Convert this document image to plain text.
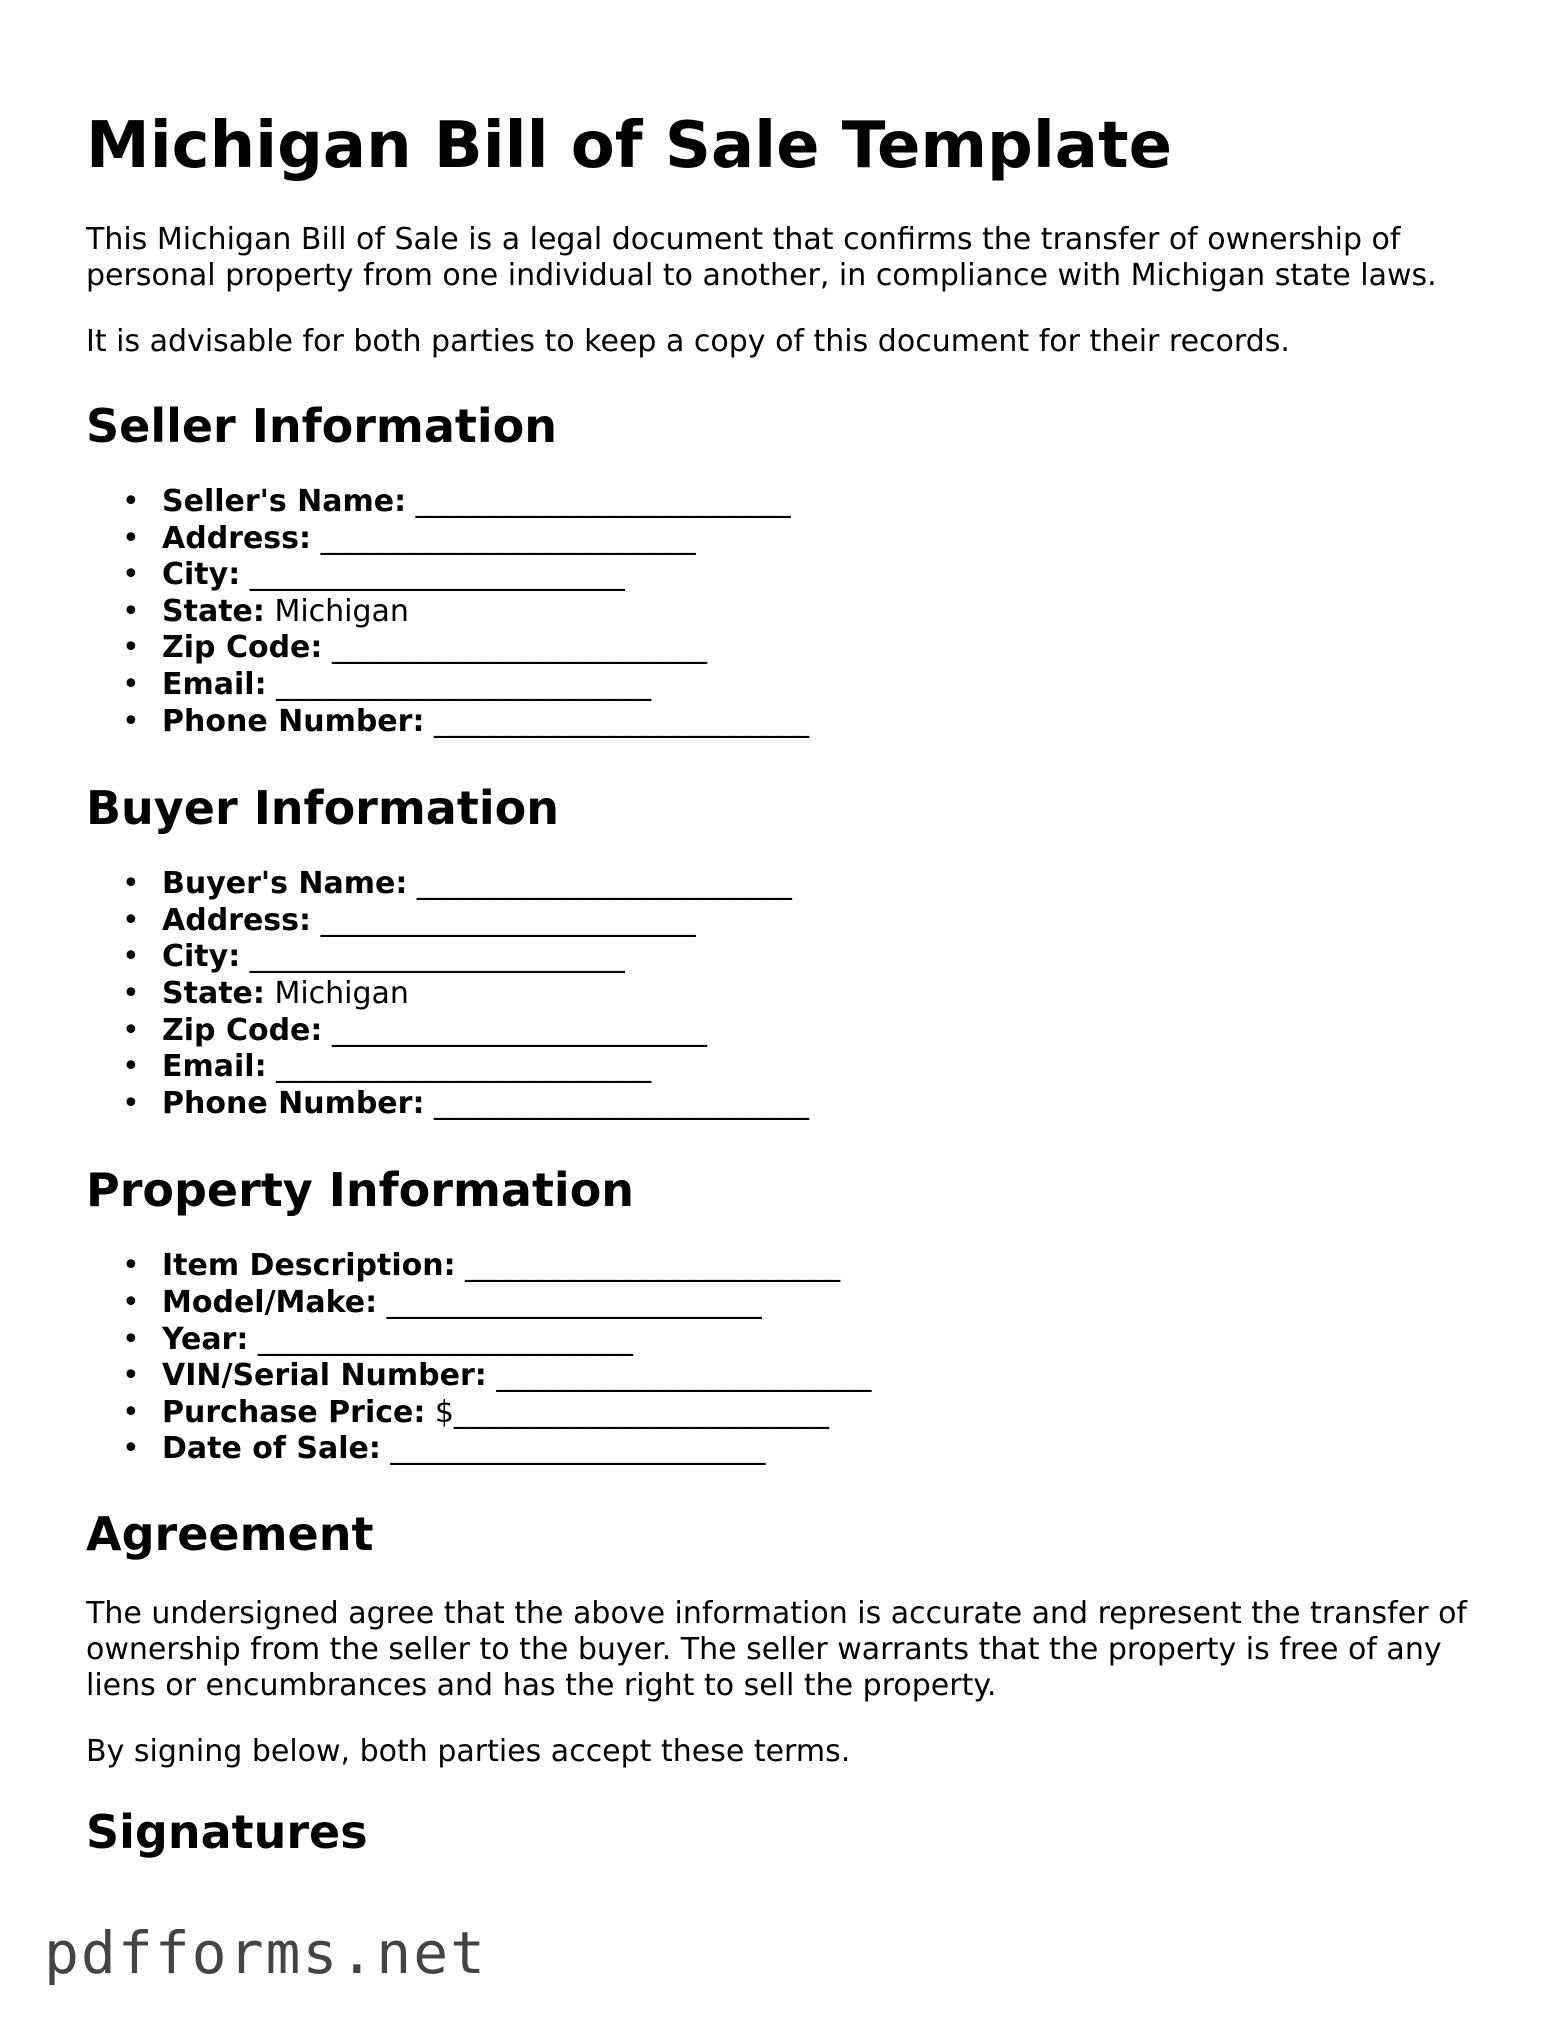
Michigan Bill of Sale Template

This Michigan Bill of Sale is a legal document that confirms the transfer of ownership of personal property from one individual to another, in compliance with Michigan state laws.

It is advisable for both parties to keep a copy of this document for their records.

Seller Information
• Seller's Name: _________________________
• Address: _________________________
• City: _________________________
• State: Michigan
• Zip Code: _________________________
• Email: _________________________
• Phone Number: _________________________
Buyer Information
• Buyer's Name: _________________________
• Address: _________________________
• City: _________________________
• State: Michigan
• Zip Code: _________________________
• Email: _________________________
• Phone Number: _________________________
Property Information
• Item Description: _________________________
• Model/Make: _________________________
• Year: _________________________
• VIN/Serial Number: _________________________
• Purchase Price: $_________________________
• Date of Sale: _________________________
Agreement

The undersigned agree that the above information is accurate and represent the transfer of ownership from the seller to the buyer. The seller warrants that the property is free of any liens or encumbrances and has the right to sell the property.

By signing below, both parties accept these terms.

Signatures
pdfforms.net
